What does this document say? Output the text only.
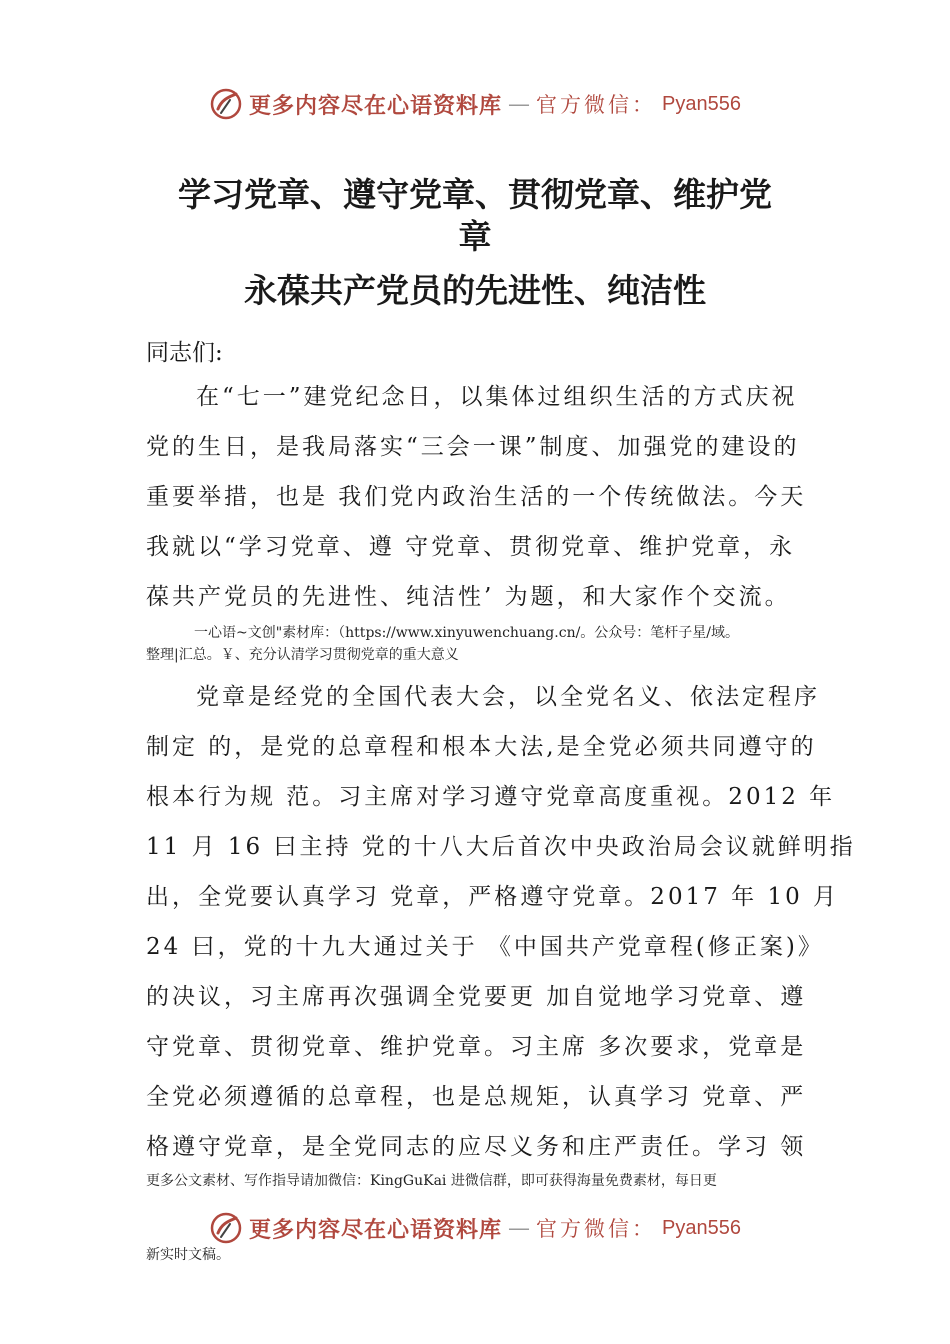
更多内容尽在心语资料库 — 官方微信： Pyan556
学习党章、遵守党章、贯彻党章、维护党
章
永葆共产党员的先进性、纯洁性
同志们:
在“七一”建党纪念日，以集体过组织生活的方式庆祝
党的生日，是我局落实“三会一课”制度、加强党的建设的
重要举措，也是 我们党内政治生活的一个传统做法。今天
我就以“学习党章、遵 守党章、贯彻党章、维护党章，永
葆共产党员的先进性、纯洁性’ 为题，和大家作个交流。
一心语~文创"素材库：（https://www.xinyuwenchuang.cn/。公众号：笔杆子星/域。
整理|汇总。￥、充分认清学习贯彻党章的重大意义
党章是经党的全国代表大会，以全党名义、依法定程序
制定 的，是党的总章程和根本大法,是全党必须共同遵守的
根本行为规 范。习主席对学习遵守党章高度重视。2012 年
11 月 16 曰主持 党的十八大后首次中央政治局会议就鲜明指
出，全党要认真学习 党章，严格遵守党章。2017 年 10 月
24 曰，党的十九大通过关于 《中国共产党章程(修正案)》
的决议，习主席再次强调全党要更 加自觉地学习党章、遵
守党章、贯彻党章、维护党章。习主席 多次要求，党章是
全党必须遵循的总章程，也是总规矩，认真学习 党章、严
格遵守党章，是全党同志的应尽义务和庄严责任。学习 领
更多公文素材、写作指导请加微信：KingGuKai 进微信群，即可获得海量免费素材，每日更
更多内容尽在心语资料库 — 官方微信： Pyan556
新实时文稿。
